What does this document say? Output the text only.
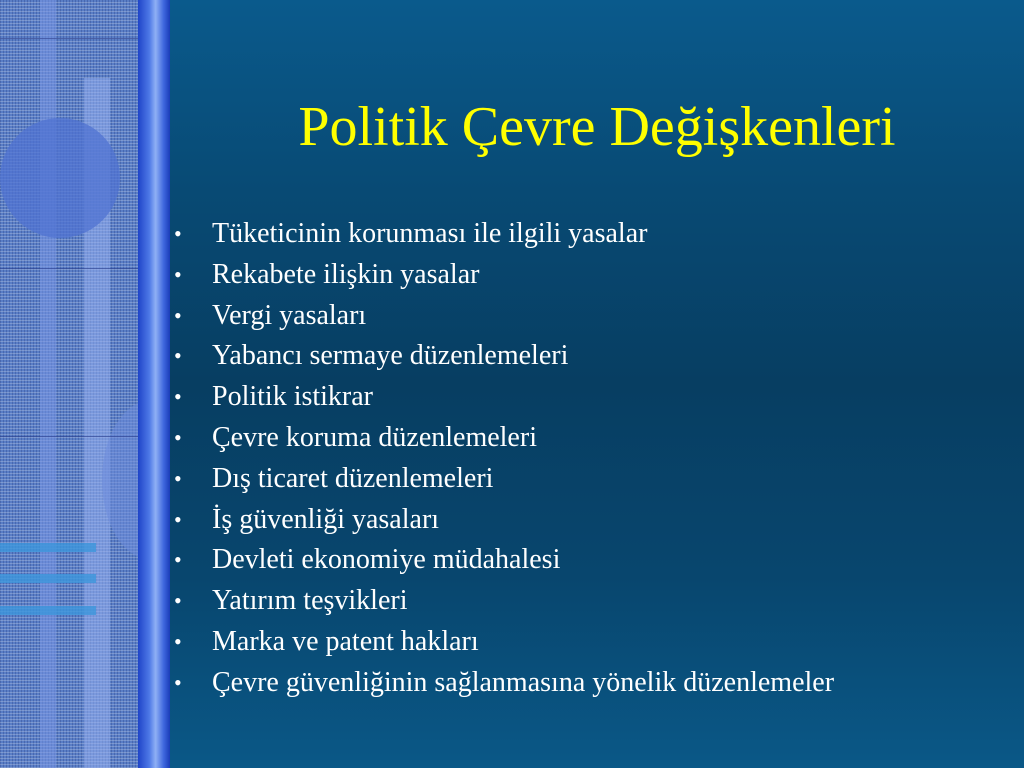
Politik Çevre Değişkenleri
• Tüketicinin korunması ile ilgili yasalar
• Rekabete ilişkin yasalar
• Vergi yasaları
• Yabancı sermaye düzenlemeleri
• Politik istikrar
• Çevre koruma düzenlemeleri
• Dış ticaret düzenlemeleri
• İş güvenliği yasaları
• Devleti ekonomiye müdahalesi
• Yatırım teşvikleri
• Marka ve patent hakları
• Çevre güvenliğinin sağlanmasına yönelik düzenlemeler
